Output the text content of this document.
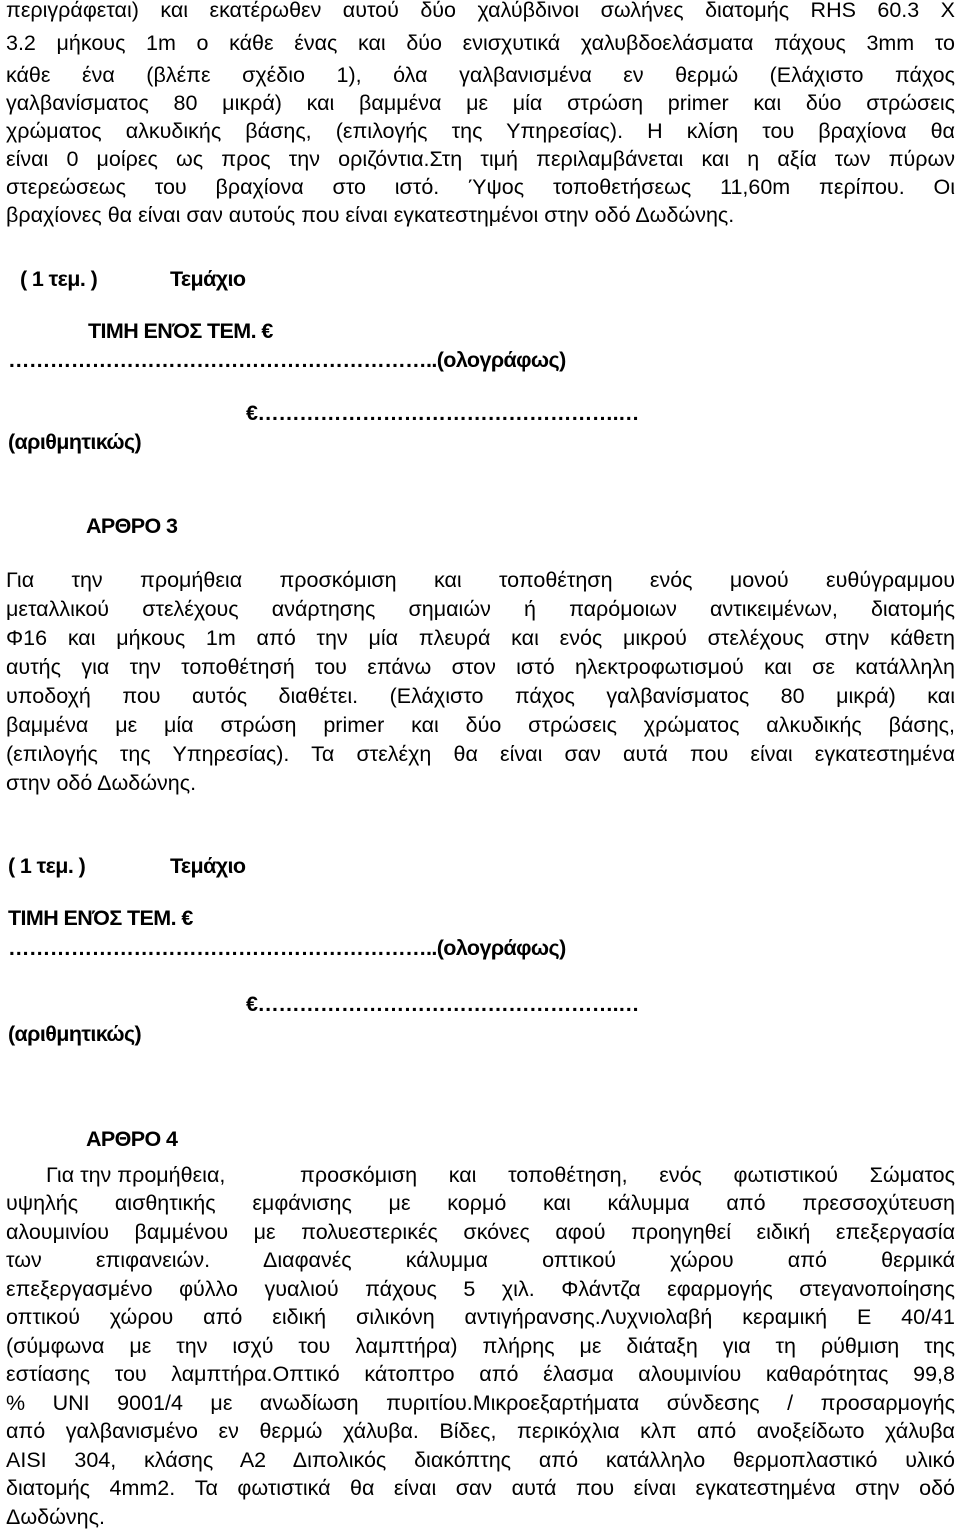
περιγράφεται) και εκατέρωθεν αυτού δύο χαλύβδινοι σωλήνες διατομής RHS 60.3 Χ
3.2 μήκους 1m ο κάθε ένας και δύο ενισχυτικά χαλυβδοελάσματα πάχους 3mm το
κάθε ένα (βλέπε σχέδιο 1), όλα γαλβανισμένα εν θερμώ (Ελάχιστο πάχος
γαλβανίσματος 80 μικρά) και βαμμένα με μία στρώση primer και δύο στρώσεις
χρώματος αλκυδικής βάσης, (επιλογής της Υπηρεσίας). Η κλίση του βραχίονα θα
είναι 0 μοίρες ως προς την οριζόντια.Στη τιμή περιλαμβάνεται και η αξία των πύρων
στερεώσεως του βραχίονα στο ιστό. Ύψος τοποθετήσεως 11,60m περίπου. Οι
βραχίονες θα είναι σαν αυτούς που είναι εγκατεστημένοι στην οδό Δωδώνης.
( 1 τεμ. )	Τεμάχιο
ΤΙΜΗ ΕΝΌΣ ΤΕΜ. €
……………………………………………………..(ολογράφως)
€…………………………………………….…
(αριθμητικώς)
ΑΡΘΡΟ 3
Για την προμήθεια προσκόμιση και τοποθέτηση ενός μονού ευθύγραμμου
μεταλλικού στελέχους ανάρτησης σημαιών ή παρόμοιων αντικειμένων, διατομής
Φ16 και μήκους 1m από την μία πλευρά και ενός μικρού στελέχους στην κάθετη
αυτής για την τοποθέτησή του επάνω στον ιστό ηλεκτροφωτισμού και σε κατάλληλη
υποδοχή που αυτός διαθέτει. (Ελάχιστο πάχος γαλβανίσματος 80 μικρά) και
βαμμένα με μία στρώση primer και δύο στρώσεις χρώματος αλκυδικής βάσης,
(επιλογής της Υπηρεσίας). Τα στελέχη θα είναι σαν αυτά που είναι εγκατεστημένα
στην οδό Δωδώνης.
( 1 τεμ. )	Τεμάχιο
ΤΙΜΗ ΕΝΌΣ ΤΕΜ. €
……………………………………………………..(ολογράφως)
€…………………………………………….…
(αριθμητικώς)
ΑΡΘΡΟ 4
Για την προμήθεια,	προσκόμιση και τοποθέτηση, ενός φωτιστικού Σώματος
υψηλής αισθητικής εμφάνισης με κορμό και κάλυμμα από πρεσσοχύτευση
αλουμινίου βαμμένου με πολυεστερικές σκόνες αφού προηγηθεί ειδική επεξεργασία
των επιφανειών. Διαφανές κάλυμμα οπτικού χώρου από θερμικά
επεξεργασμένο φύλλο γυαλιού πάχους 5 χιλ. Φλάντζα εφαρμογής στεγανοποίησης
οπτικού χώρου από ειδική σιλικόνη αντιγήρανσης.Λυχνιολαβή κεραμική Ε 40/41
(σύμφωνα με την ισχύ του λαμπτήρα) πλήρης με διάταξη για τη ρύθμιση της
εστίασης του λαμπτήρα.Οπτικό κάτοπτρο από έλασμα αλουμινίου καθαρότητας 99,8
% UNI 9001/4 με ανωδίωση πυριτίου.Μικροεξαρτήματα σύνδεσης / προσαρμογής
από γαλβανισμένο εν θερμώ χάλυβα. Βίδες, περικόχλια κλπ από ανοξείδωτο χάλυβα
AISI 304, κλάσης Α2 Διπολικός διακόπτης από κατάλληλο θερμοπλαστικό υλικό
διατομής 4mm2. Τα φωτιστικά θα είναι σαν αυτά που είναι εγκατεστημένα στην οδό
Δωδώνης.
